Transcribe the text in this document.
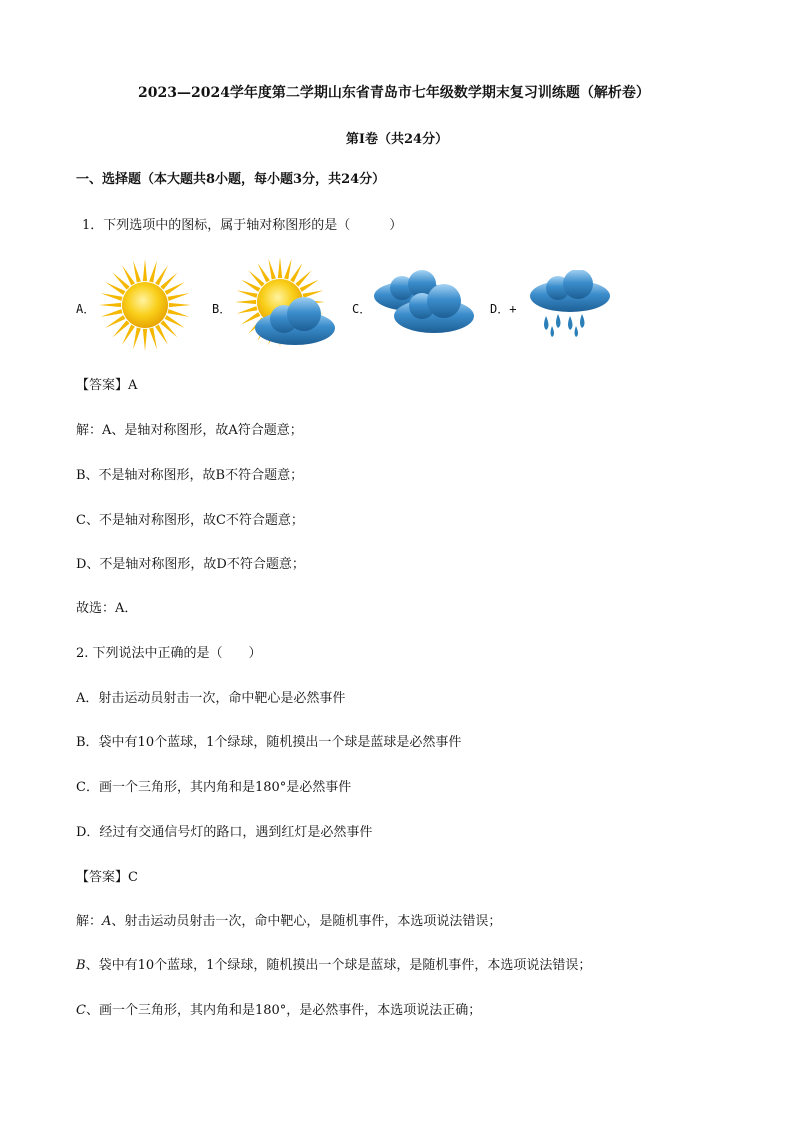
2023—2024学年度第二学期山东省青岛市七年级数学期末复习训练题（解析卷）
第Ⅰ卷（共24分）
一、选择题（本大题共8小题，每小题3分，共24分）
1．下列选项中的图标，属于轴对称图形的是（　　　）
A．	B．	C．	D．+
【答案】A
解：A、是轴对称图形，故A符合题意；
B、不是轴对称图形，故B不符合题意；
C、不是轴对称图形，故C不符合题意；
D、不是轴对称图形，故D不符合题意；
故选：A．
2. 下列说法中正确的是（　　）
A．射击运动员射击一次，命中靶心是必然事件
B．袋中有10个蓝球，1个绿球，随机摸出一个球是蓝球是必然事件
C．画一个三角形，其内角和是180°是必然事件
D．经过有交通信号灯的路口，遇到红灯是必然事件
【答案】C
解：A、射击运动员射击一次，命中靶心，是随机事件，本选项说法错误；
B、袋中有10个蓝球，1个绿球，随机摸出一个球是蓝球，是随机事件，本选项说法错误；
C、画一个三角形，其内角和是180°，是必然事件，本选项说法正确；
